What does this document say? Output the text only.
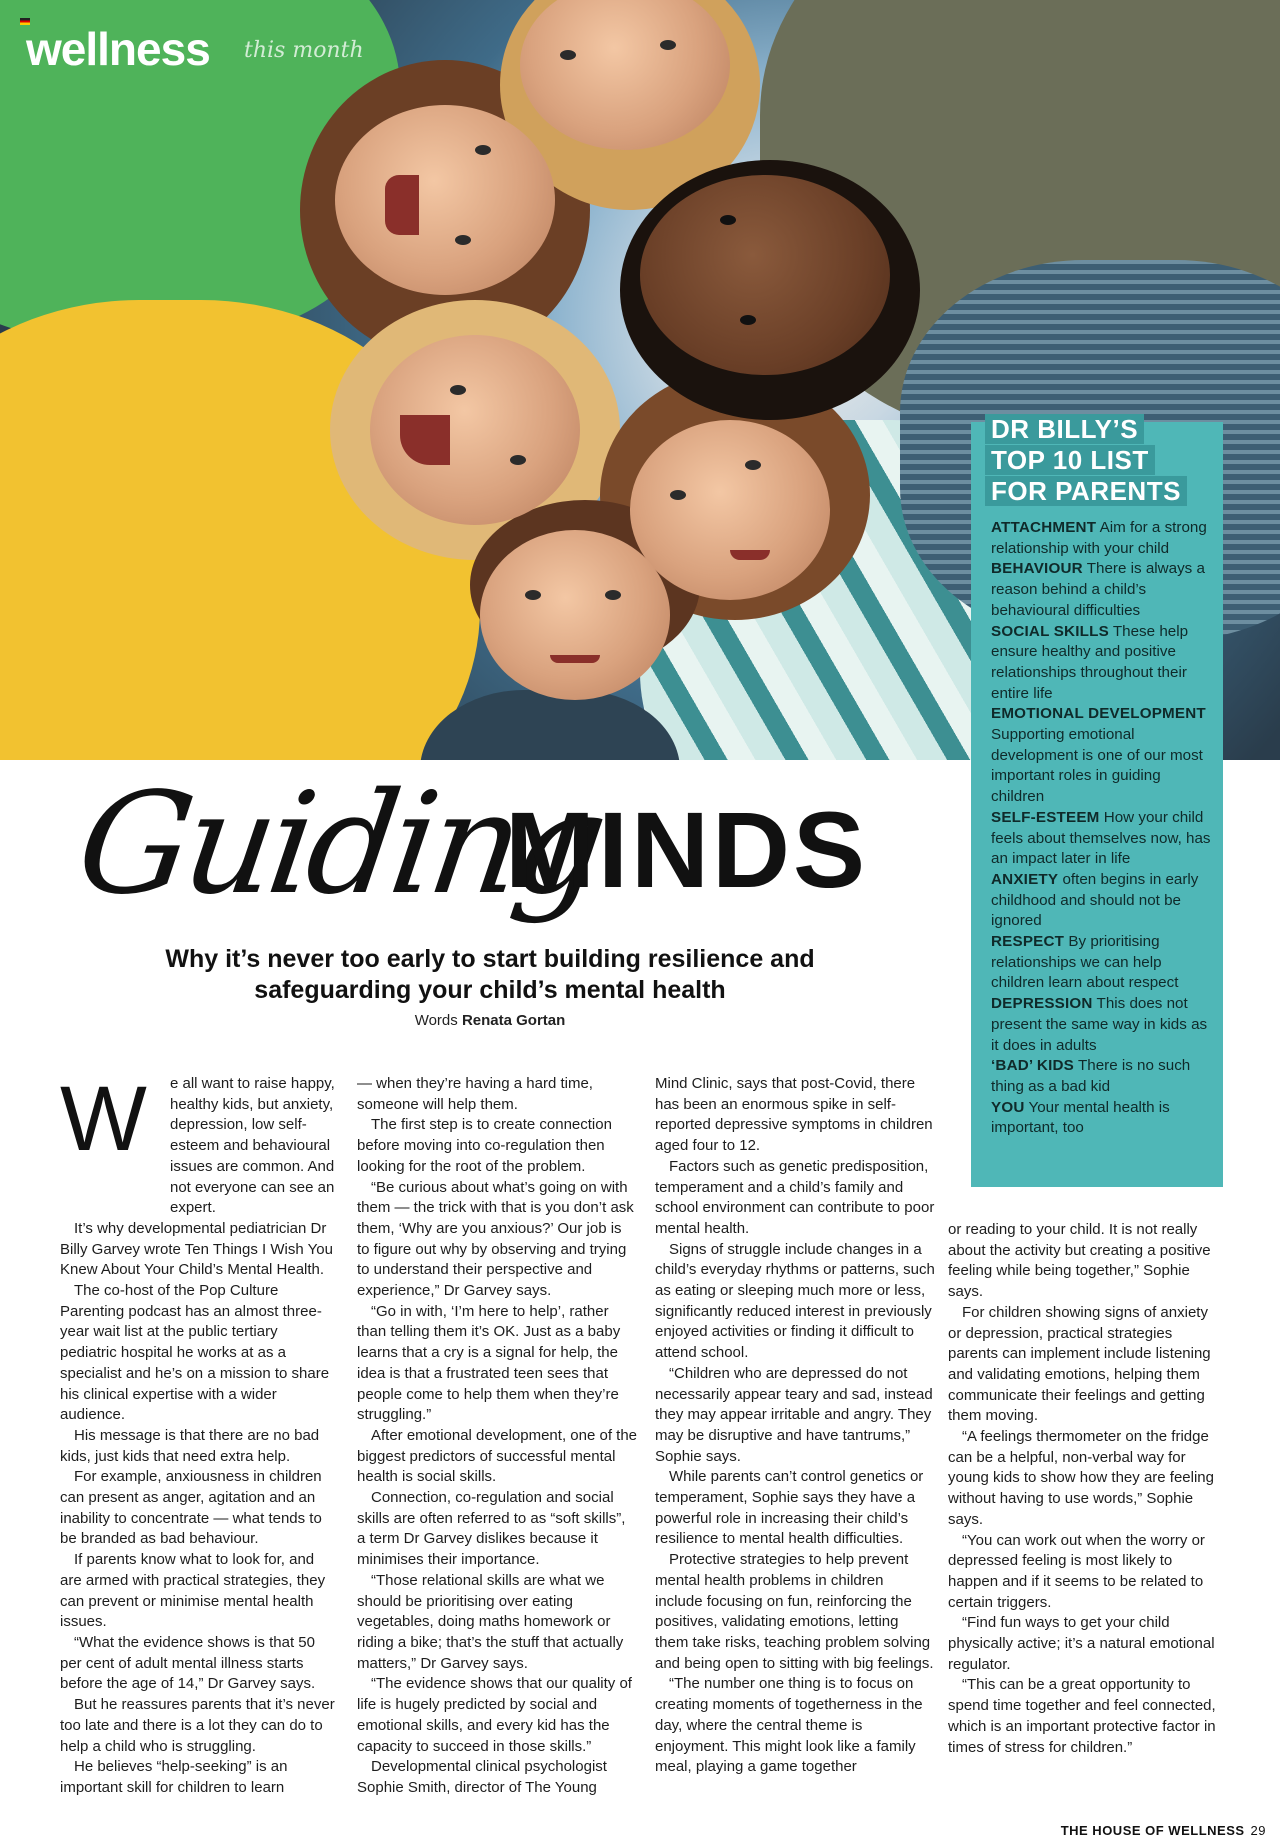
wellness this month
DR BILLY’S
TOP 10 LIST
FOR PARENTS

ATTACHMENT Aim for a strong relationship with your child

BEHAVIOUR There is always a reason behind a child’s behavioural difficulties

SOCIAL SKILLS These help ensure healthy and positive relationships throughout their entire life

EMOTIONAL DEVELOPMENT Supporting emotional development is one of our most important roles in guiding children

SELF-ESTEEM How your child feels about themselves now, has an impact later in life

ANXIETY often begins in early childhood and should not be ignored

RESPECT By prioritising relationships we can help children learn about respect

DEPRESSION This does not present the same way in kids as it does in adults

‘BAD’ KIDS There is no such thing as a bad kid

YOU Your mental health is important, too

Guiding
MINDS
Why it’s never too early to start building resilience and safeguarding your child’s mental health
Words Renata Gortan
W	e all want to raise happy, healthy kids, but anxiety, depression, low self-esteem and behavioural issues are common. And not everyone can see an expert.

It’s why developmental pediatrician Dr Billy Garvey wrote Ten Things I Wish You Knew About Your Child’s Mental Health.

The co-host of the Pop Culture Parenting podcast has an almost three-year wait list at the public tertiary pediatric hospital he works at as a specialist and he’s on a mission to share his clinical expertise with a wider audience.

His message is that there are no bad kids, just kids that need extra help.

For example, anxiousness in children can present as anger, agitation and an inability to concentrate — what tends to be branded as bad behaviour.

If parents know what to look for, and are armed with practical strategies, they can prevent or minimise mental health issues.

“What the evidence shows is that 50 per cent of adult mental illness starts before the age of 14,” Dr Garvey says.

But he reassures parents that it’s never too late and there is a lot they can do to help a child who is struggling.

He believes “help-seeking” is an important skill for children to learn

— when they’re having a hard time, someone will help them.

The first step is to create connection before moving into co-regulation then looking for the root of the problem.

“Be curious about what’s going on with them — the trick with that is you don’t ask them, ‘Why are you anxious?’ Our job is to figure out why by observing and trying to understand their perspective and experience,” Dr Garvey says.

“Go in with, ‘I’m here to help’, rather than telling them it’s OK. Just as a baby learns that a cry is a signal for help, the idea is that a frustrated teen sees that people come to help them when they’re struggling.”

After emotional development, one of the biggest predictors of successful mental health is social skills.

Connection, co-regulation and social skills are often referred to as “soft skills”, a term Dr Garvey dislikes because it minimises their importance.

“Those relational skills are what we should be prioritising over eating vegetables, doing maths homework or riding a bike; that’s the stuff that actually matters,” Dr Garvey says.

“The evidence shows that our quality of life is hugely predicted by social and emotional skills, and every kid has the capacity to succeed in those skills.”

Developmental clinical psychologist Sophie Smith, director of The Young

Mind Clinic, says that post-Covid, there has been an enormous spike in self-reported depressive symptoms in children aged four to 12.

Factors such as genetic predisposition, temperament and a child’s family and school environment can contribute to poor mental health.

Signs of struggle include changes in a child’s everyday rhythms or patterns, such as eating or sleeping much more or less, significantly reduced interest in previously enjoyed activities or finding it difficult to attend school.

“Children who are depressed do not necessarily appear teary and sad, instead they may appear irritable and angry. They may be disruptive and have tantrums,” Sophie says.

While parents can’t control genetics or temperament, Sophie says they have a powerful role in increasing their child’s resilience to mental health difficulties.

Protective strategies to help prevent mental health problems in children include focusing on fun, reinforcing the positives, validating emotions, letting them take risks, teaching problem solving and being open to sitting with big feelings.

“The number one thing is to focus on creating moments of togetherness in the day, where the central theme is enjoyment. This might look like a family meal, playing a game together

or reading to your child. It is not really about the activity but creating a positive feeling while being together,” Sophie says.

For children showing signs of anxiety or depression, practical strategies parents can implement include listening and validating emotions, helping them communicate their feelings and getting them moving.

“A feelings thermometer on the fridge can be a helpful, non-verbal way for young kids to show how they are feeling without having to use words,” Sophie says.

“You can work out when the worry or depressed feeling is most likely to happen and if it seems to be related to certain triggers.

“Find fun ways to get your child physically active; it’s a natural emotional regulator.

“This can be a great opportunity to spend time together and feel connected, which is an important protective factor in times of stress for children.”

THE HOUSE OF WELLNESS 29
